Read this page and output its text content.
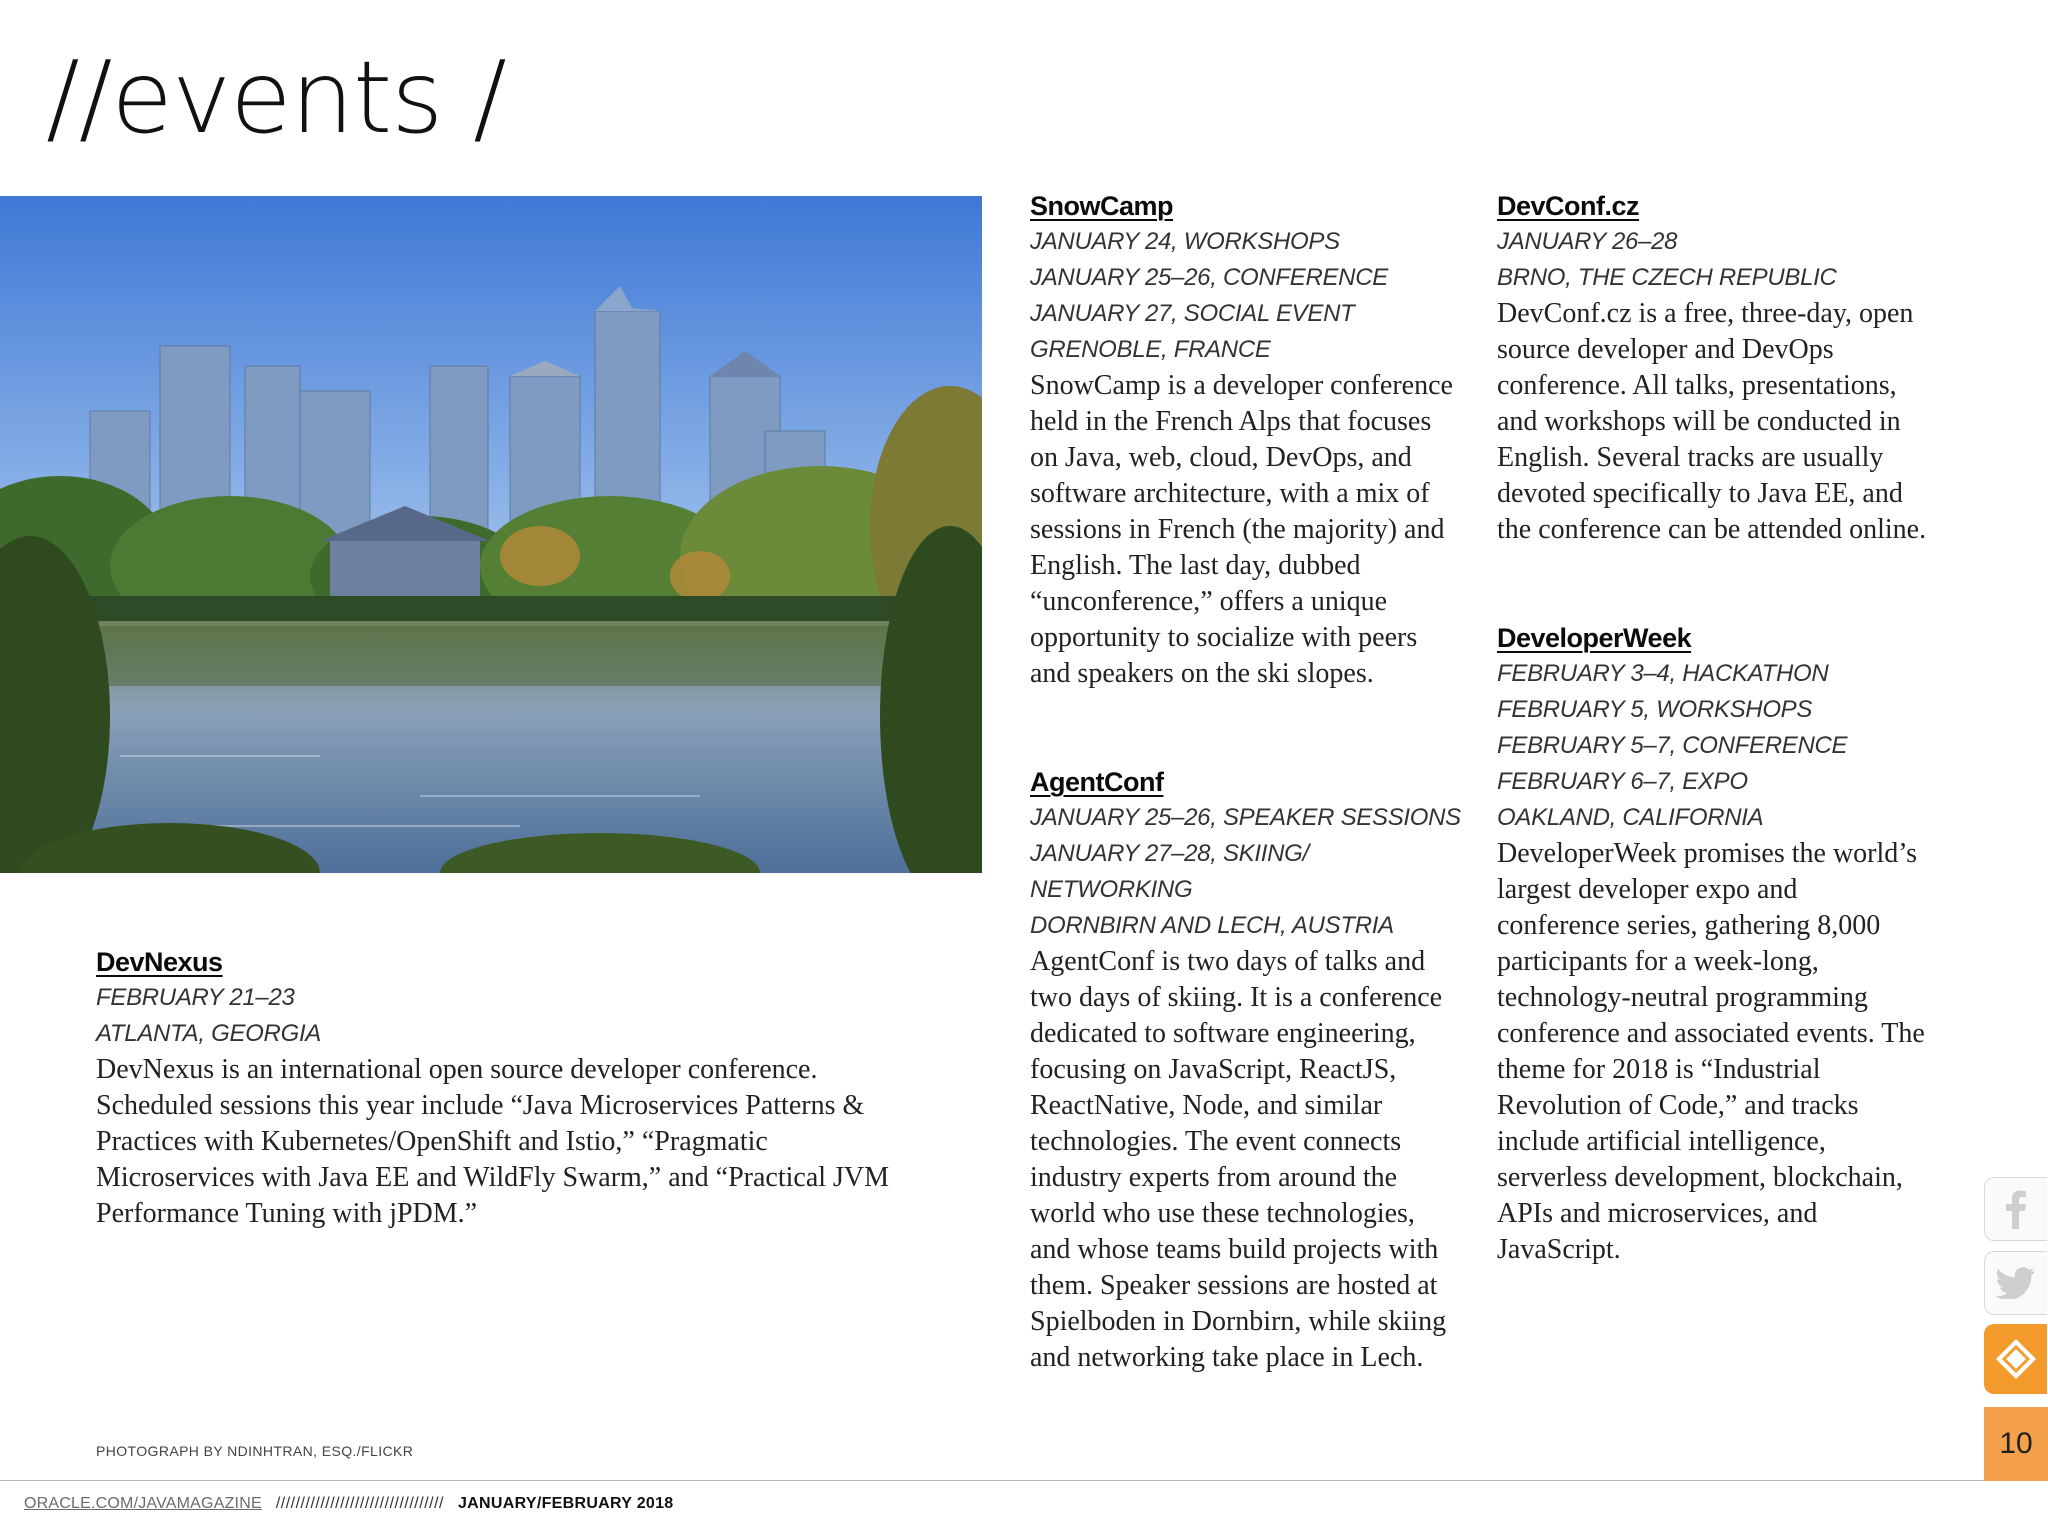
//events /
DevNexus

FEBRUARY 21–23

ATLANTA, GEORGIA

DevNexus is an international open source developer conference. Scheduled sessions this year include “Java Microservices Patterns & Practices with Kubernetes/OpenShift and Istio,” “Pragmatic Microservices with Java EE and WildFly Swarm,” and “Practical JVM Performance Tuning with jPDM.”

SnowCamp

JANUARY 24, WORKSHOPS

JANUARY 25–26, CONFERENCE

JANUARY 27, SOCIAL EVENT

GRENOBLE, FRANCE

SnowCamp is a developer conference held in the French Alps that focuses on Java, web, cloud, DevOps, and software architecture, with a mix of sessions in French (the majority) and English. The last day, dubbed “unconference,” offers a unique opportunity to socialize with peers and speakers on the ski slopes.

AgentConf

JANUARY 25–26, SPEAKER SESSIONS

JANUARY 27–28, SKIING/

NETWORKING

DORNBIRN AND LECH, AUSTRIA

AgentConf is two days of talks and two days of skiing. It is a conference dedicated to software engineering, focusing on JavaScript, ReactJS, ReactNative, Node, and similar technologies. The event connects industry experts from around the world who use these technologies, and whose teams build projects with them. Speaker sessions are hosted at Spielboden in Dornbirn, while skiing and networking take place in Lech.

DevConf.cz

JANUARY 26–28

BRNO, THE CZECH REPUBLIC

DevConf.cz is a free, three-day, open source developer and DevOps conference. All talks, presentations, and workshops will be conducted in English. Several tracks are usually devoted specifically to Java EE, and the conference can be attended online.

DeveloperWeek

FEBRUARY 3–4, HACKATHON

FEBRUARY 5, WORKSHOPS

FEBRUARY 5–7, CONFERENCE

FEBRUARY 6–7, EXPO

OAKLAND, CALIFORNIA

DeveloperWeek promises the world’s largest developer expo and conference series, gathering 8,000 participants for a week-long, technology-neutral programming conference and associated events. The theme for 2018 is “Industrial Revolution of Code,” and tracks include artificial intelligence, serverless development, blockchain, APIs and microservices, and JavaScript.

PHOTOGRAPH BY NDINHTRAN, ESQ./FLICKR
ORACLE.COM/JAVAMAGAZINE ////////////////////////////////// JANUARY/FEBRUARY 2018
10
